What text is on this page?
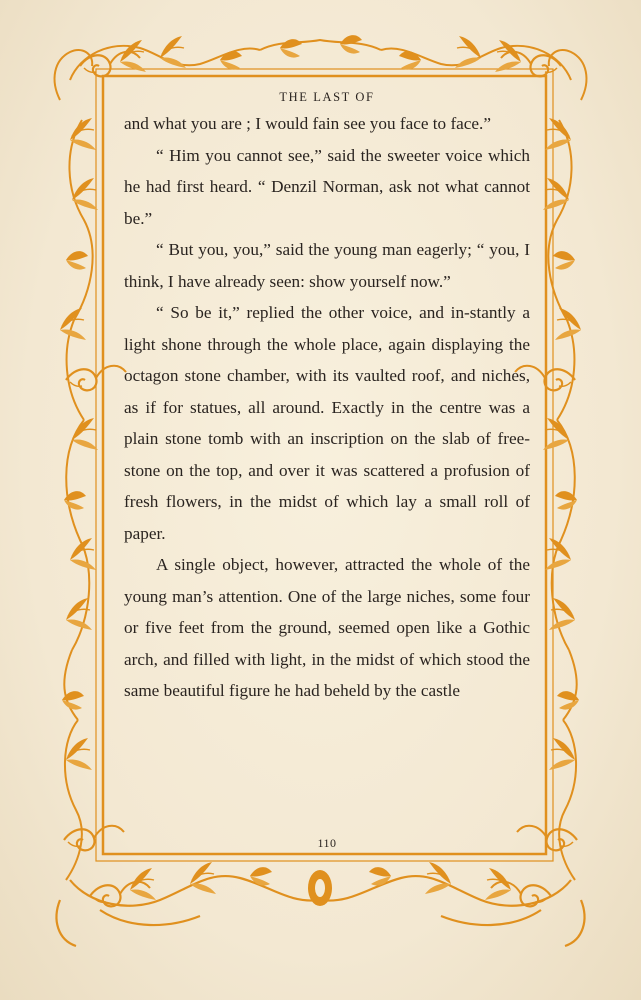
THE LAST OF

and what you are ; I would fain see you face to face.”

“ Him you cannot see,” said the sweeter voice which he had first heard. “ Denzil Norman, ask not what cannot be.”

“ But you, you,” said the young man eagerly; “ you, I think, I have already seen: show yourself now.”

“ So be it,” replied the other voice, and in-stantly a light shone through the whole place, again displaying the octagon stone chamber, with its vaulted roof, and niches, as if for statues, all around. Exactly in the centre was a plain stone tomb with an inscription on the slab of free-stone on the top, and over it was scattered a profusion of fresh flowers, in the midst of which lay a small roll of paper.

A single object, however, attracted the whole of the young man’s attention. One of the large niches, some four or five feet from the ground, seemed open like a Gothic arch, and filled with light, in the midst of which stood the same beautiful figure he had beheld by the castle

110
